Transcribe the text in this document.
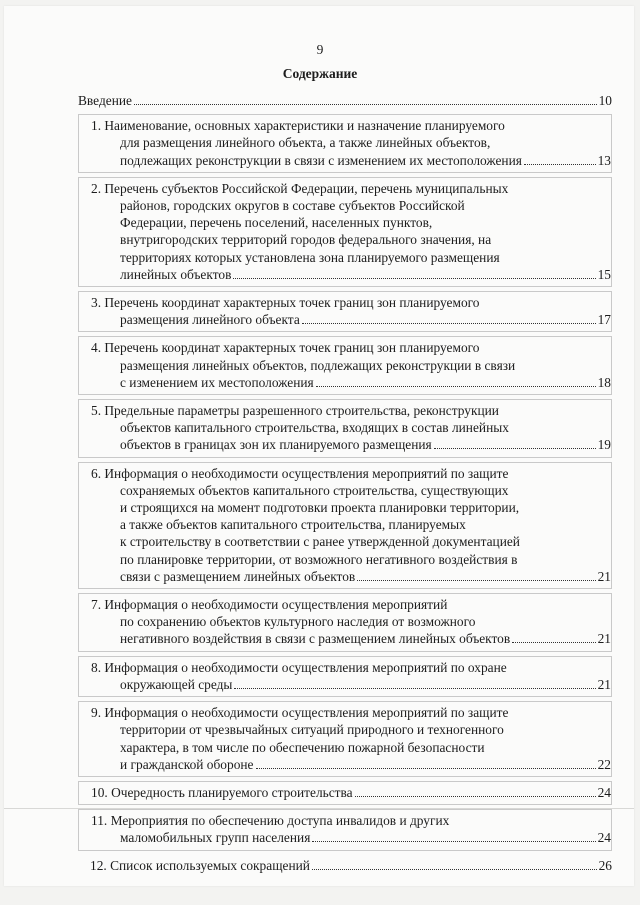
9
Содержание
Введение	10
1. Наименование, основных характеристики и назначение планируемого
для размещения линейного объекта, а также линейных объектов,
подлежащих реконструкции в связи с изменением их местоположения	13
2. Перечень субъектов Российской Федерации, перечень муниципальных
районов, городских округов в составе субъектов Российской
Федерации, перечень поселений, населенных пунктов,
внутригородских территорий городов федерального значения, на
территориях которых установлена зона планируемого размещения
линейных объектов	15
3. Перечень координат характерных точек границ зон планируемого
размещения линейного объекта	17
4. Перечень координат характерных точек границ зон планируемого
размещения линейных объектов, подлежащих реконструкции в связи
с изменением их местоположения	18
5. Предельные параметры разрешенного строительства, реконструкции
объектов капитального строительства, входящих в состав линейных
объектов в границах зон их планируемого размещения	19
6. Информация о необходимости осуществления мероприятий по защите
сохраняемых объектов капитального строительства, существующих
и строящихся на момент подготовки проекта планировки территории,
а также объектов капитального строительства, планируемых
к строительству в соответствии с ранее утвержденной документацией
по планировке территории, от возможного негативного воздействия в
связи с размещением линейных объектов	21
7. Информация о необходимости осуществления мероприятий
по сохранению объектов культурного наследия от возможного
негативного воздействия в связи с размещением линейных объектов	21
8. Информация о необходимости осуществления мероприятий по охране
окружающей среды	21
9. Информация о необходимости осуществления мероприятий по защите
территории от чрезвычайных ситуаций природного и техногенного
характера, в том числе по обеспечению пожарной безопасности
и гражданской обороне	22
10. Очередность планируемого строительства	24
11. Мероприятия по обеспечению доступа инвалидов и других
маломобильных групп населения	24
12. Список используемых сокращений	26
